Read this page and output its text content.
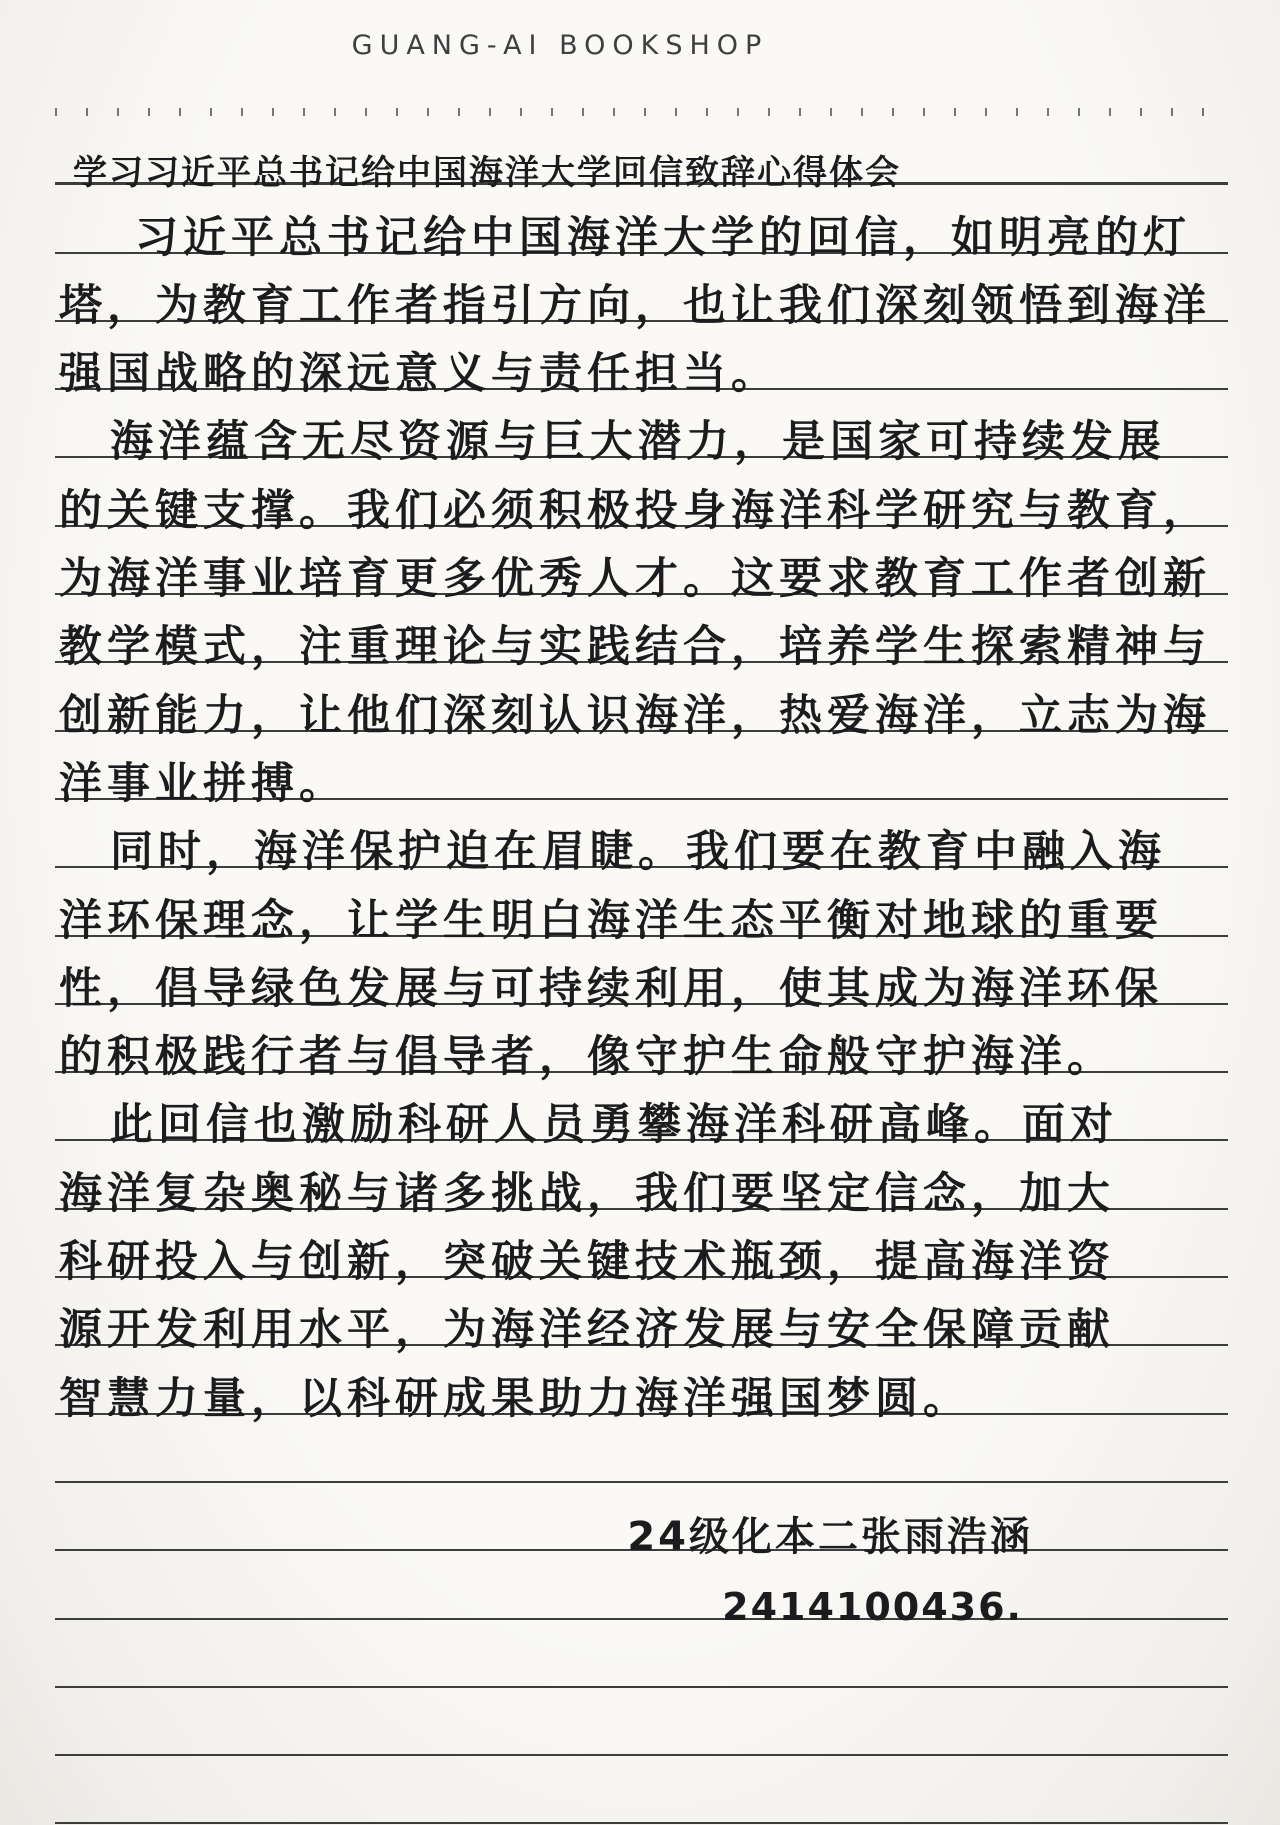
GUANG-AI BOOKSHOP
学习习近平总书记给中国海洋大学回信致辞心得体会
习近平总书记给中国海洋大学的回信，如明亮的灯
塔，为教育工作者指引方向，也让我们深刻领悟到海洋
强国战略的深远意义与责任担当。
海洋蕴含无尽资源与巨大潜力，是国家可持续发展
的关键支撑。我们必须积极投身海洋科学研究与教育，
为海洋事业培育更多优秀人才。这要求教育工作者创新
教学模式，注重理论与实践结合，培养学生探索精神与
创新能力，让他们深刻认识海洋，热爱海洋，立志为海
洋事业拼搏。
同时，海洋保护迫在眉睫。我们要在教育中融入海
洋环保理念，让学生明白海洋生态平衡对地球的重要
性，倡导绿色发展与可持续利用，使其成为海洋环保
的积极践行者与倡导者，像守护生命般守护海洋。
此回信也激励科研人员勇攀海洋科研高峰。面对
海洋复杂奥秘与诸多挑战，我们要坚定信念，加大
科研投入与创新，突破关键技术瓶颈，提高海洋资
源开发利用水平，为海洋经济发展与安全保障贡献
智慧力量，以科研成果助力海洋强国梦圆。
24级化本二张雨浩涵
2414100436.
